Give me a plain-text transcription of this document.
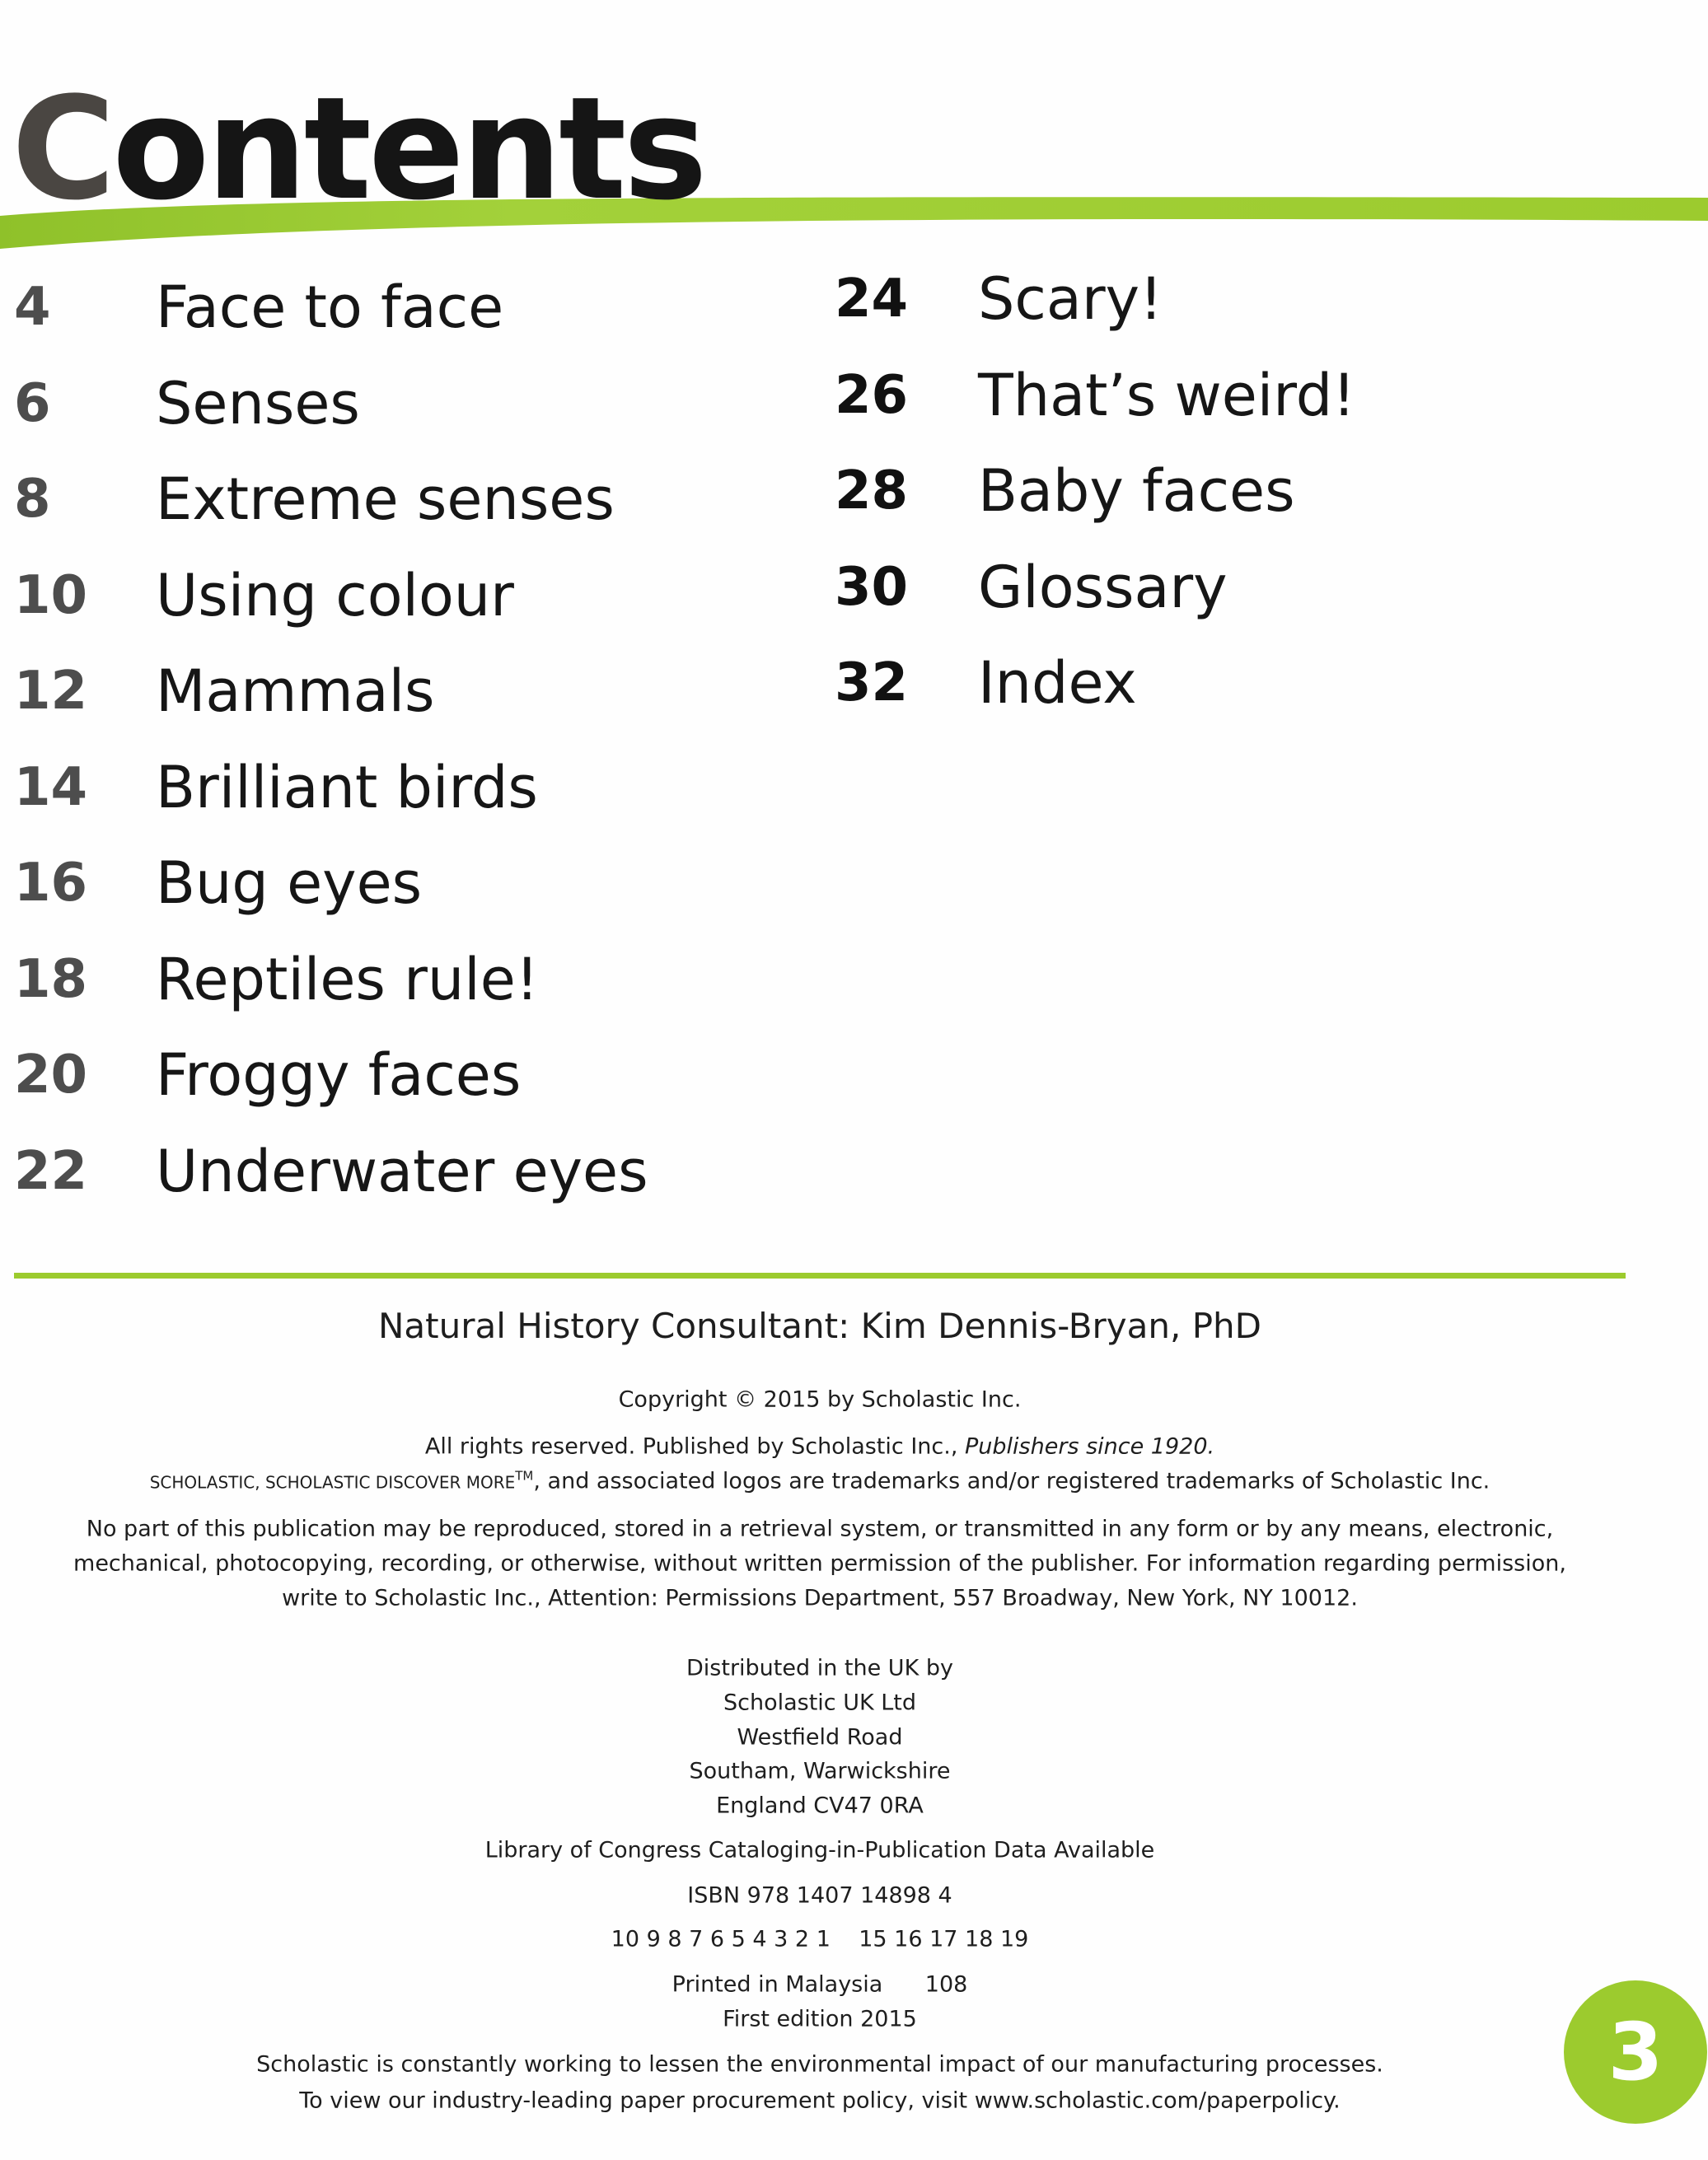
Contents
4 Face to face
6 Senses
8 Extreme senses
10 Using colour
12 Mammals
14 Brilliant birds
16 Bug eyes
18 Reptiles rule!
20 Froggy faces
22 Underwater eyes
24 Scary!
26 That’s weird!
28 Baby faces
30 Glossary
32 Index
Natural History Consultant: Kim Dennis-Bryan, PhD
Copyright © 2015 by Scholastic Inc.
All rights reserved. Published by Scholastic Inc., Publishers since 1920.
SCHOLASTIC, SCHOLASTIC DISCOVER MORE™, and associated logos are trademarks and/or registered trademarks of Scholastic Inc.
No part of this publication may be reproduced, stored in a retrieval system, or transmitted in any form or by any means, electronic,
mechanical, photocopying, recording, or otherwise, without written permission of the publisher. For information regarding permission,
write to Scholastic Inc., Attention: Permissions Department, 557 Broadway, New York, NY 10012.
Distributed in the UK by
Scholastic UK Ltd
Westfield Road
Southam, Warwickshire
England CV47 0RA
Library of Congress Cataloging-in-Publication Data Available
ISBN 978 1407 14898 4
10 9 8 7 6 5 4 3 2 1    15 16 17 18 19
Printed in Malaysia      108
First edition 2015
Scholastic is constantly working to lessen the environmental impact of our manufacturing processes.
To view our industry-leading paper procurement policy, visit www.scholastic.com/paperpolicy.
3
